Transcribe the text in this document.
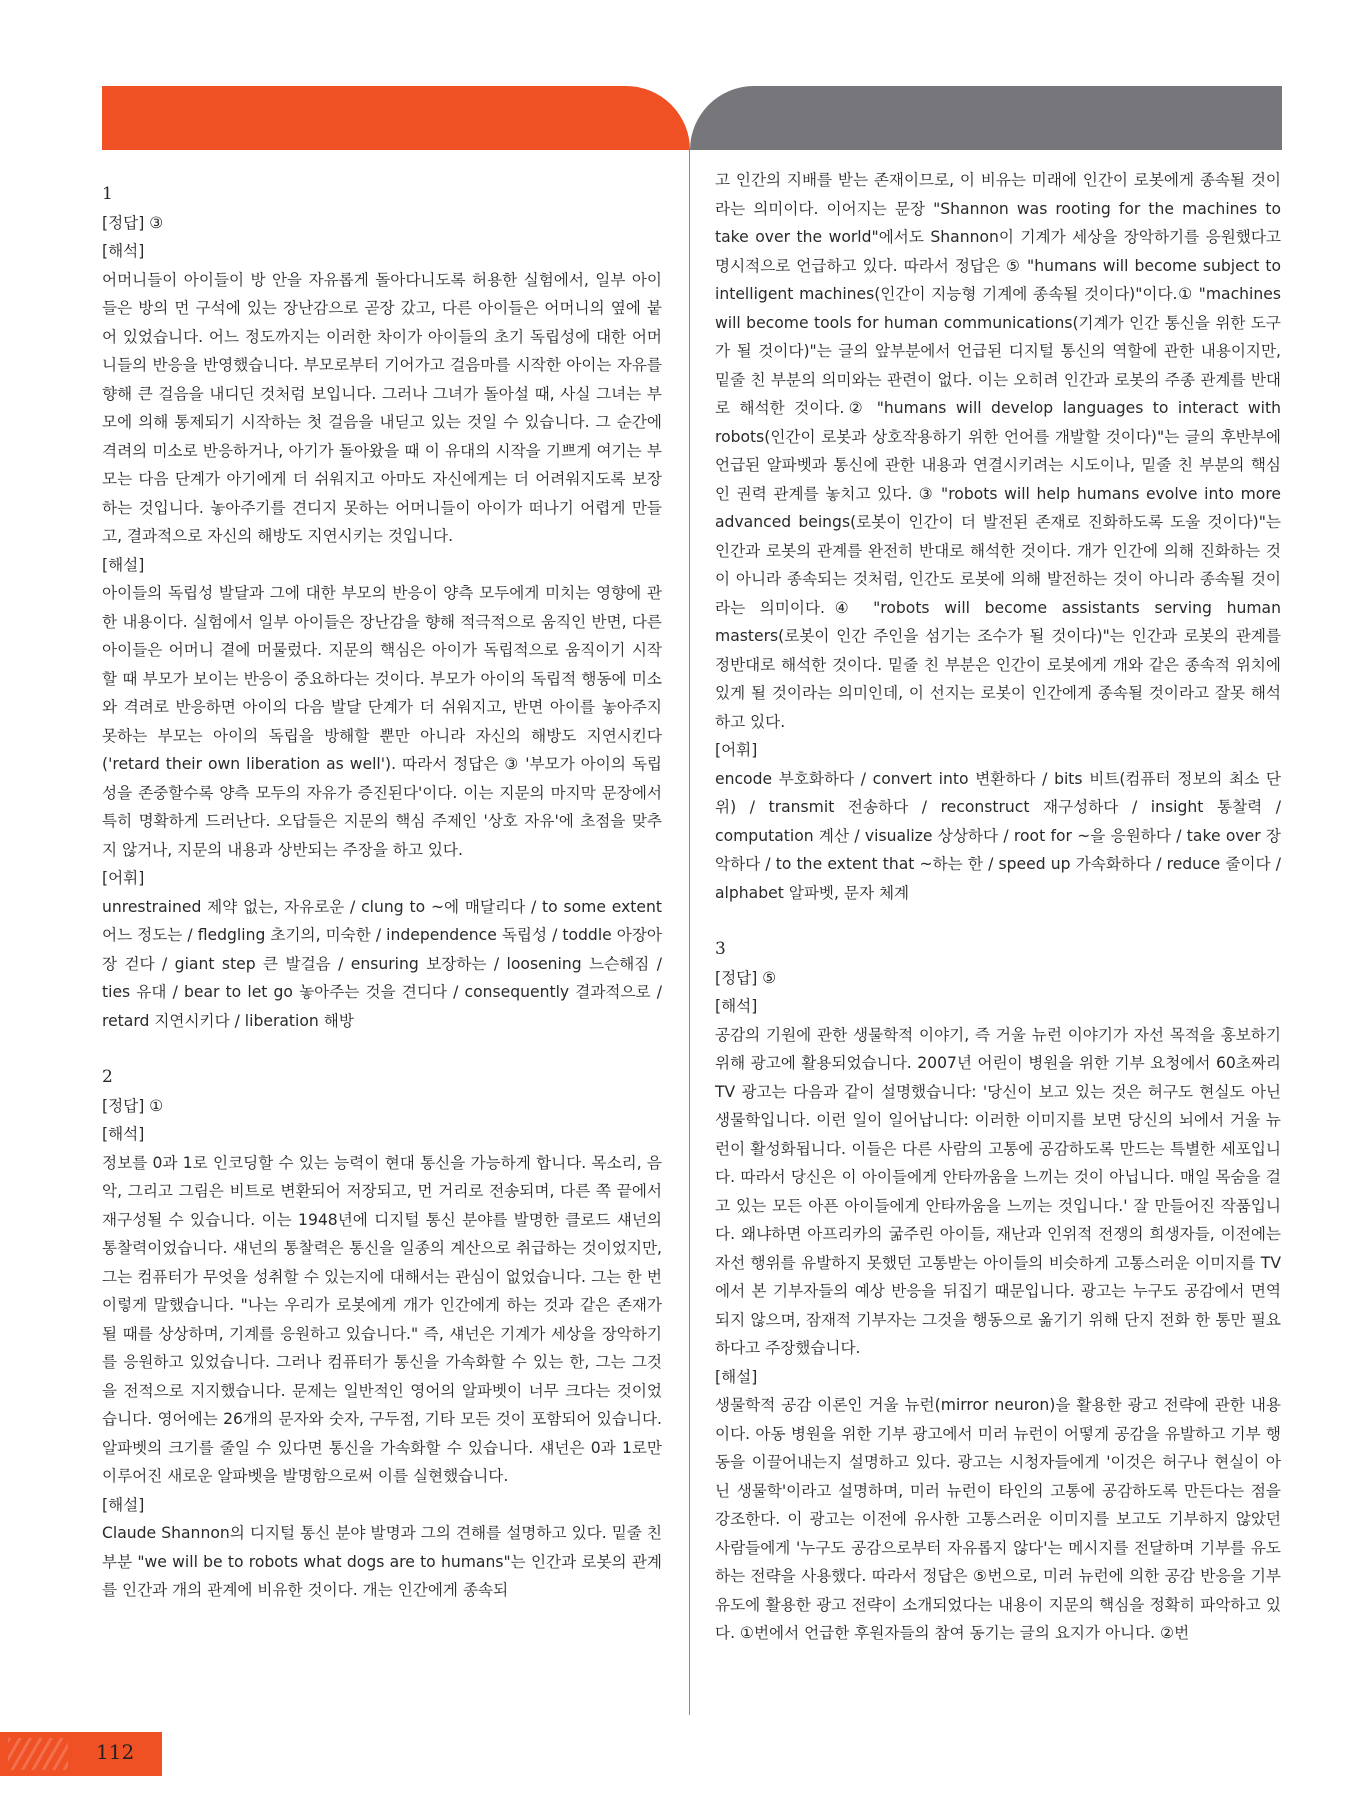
1

[정답] ③

[해석]

어머니들이 아이들이 방 안을 자유롭게 돌아다니도록 허용한 실험에서, 일부 아이들은 방의 먼 구석에 있는 장난감으로 곧장 갔고, 다른 아이들은 어머니의 옆에 붙어 있었습니다. 어느 정도까지는 이러한 차이가 아이들의 초기 독립성에 대한 어머니들의 반응을 반영했습니다. 부모로부터 기어가고 걸음마를 시작한 아이는 자유를 향해 큰 걸음을 내디딘 것처럼 보입니다. 그러나 그녀가 돌아설 때, 사실 그녀는 부모에 의해 통제되기 시작하는 첫 걸음을 내딛고 있는 것일 수 있습니다. 그 순간에 격려의 미소로 반응하거나, 아기가 돌아왔을 때 이 유대의 시작을 기쁘게 여기는 부모는 다음 단계가 아기에게 더 쉬워지고 아마도 자신에게는 더 어려워지도록 보장하는 것입니다. 놓아주기를 견디지 못하는 어머니들이 아이가 떠나기 어렵게 만들고, 결과적으로 자신의 해방도 지연시키는 것입니다.

[해설]

아이들의 독립성 발달과 그에 대한 부모의 반응이 양측 모두에게 미치는 영향에 관한 내용이다. 실험에서 일부 아이들은 장난감을 향해 적극적으로 움직인 반면, 다른 아이들은 어머니 곁에 머물렀다. 지문의 핵심은 아이가 독립적으로 움직이기 시작할 때 부모가 보이는 반응이 중요하다는 것이다. 부모가 아이의 독립적 행동에 미소와 격려로 반응하면 아이의 다음 발달 단계가 더 쉬워지고, 반면 아이를 놓아주지 못하는 부모는 아이의 독립을 방해할 뿐만 아니라 자신의 해방도 지연시킨다('retard their own liberation as well'). 따라서 정답은 ③ '부모가 아이의 독립성을 존중할수록 양측 모두의 자유가 증진된다'이다. 이는 지문의 마지막 문장에서 특히 명확하게 드러난다. 오답들은 지문의 핵심 주제인 '상호 자유'에 초점을 맞추지 않거나, 지문의 내용과 상반되는 주장을 하고 있다.

[어휘]

unrestrained 제약 없는, 자유로운 / clung to ~에 매달리다 / to some extent 어느 정도는 / fledgling 초기의, 미숙한 / independence 독립성 / toddle 아장아장 걷다 / giant step 큰 발걸음 / ensuring 보장하는 / loosening 느슨해짐 / ties 유대 / bear to let go 놓아주는 것을 견디다 / consequently 결과적으로 / retard 지연시키다 / liberation 해방

2

[정답] ①

[해석]

정보를 0과 1로 인코딩할 수 있는 능력이 현대 통신을 가능하게 합니다. 목소리, 음악, 그리고 그림은 비트로 변환되어 저장되고, 먼 거리로 전송되며, 다른 쪽 끝에서 재구성될 수 있습니다. 이는 1948년에 디지털 통신 분야를 발명한 클로드 섀넌의 통찰력이었습니다. 섀넌의 통찰력은 통신을 일종의 계산으로 취급하는 것이었지만, 그는 컴퓨터가 무엇을 성취할 수 있는지에 대해서는 관심이 없었습니다. 그는 한 번 이렇게 말했습니다. "나는 우리가 로봇에게 개가 인간에게 하는 것과 같은 존재가 될 때를 상상하며, 기계를 응원하고 있습니다." 즉, 섀넌은 기계가 세상을 장악하기를 응원하고 있었습니다. 그러나 컴퓨터가 통신을 가속화할 수 있는 한, 그는 그것을 전적으로 지지했습니다. 문제는 일반적인 영어의 알파벳이 너무 크다는 것이었습니다. 영어에는 26개의 문자와 숫자, 구두점, 기타 모든 것이 포함되어 있습니다. 알파벳의 크기를 줄일 수 있다면 통신을 가속화할 수 있습니다. 섀넌은 0과 1로만 이루어진 새로운 알파벳을 발명함으로써 이를 실현했습니다.

[해설]

Claude Shannon의 디지털 통신 분야 발명과 그의 견해를 설명하고 있다. 밑줄 친 부분 "we will be to robots what dogs are to humans"는 인간과 로봇의 관계를 인간과 개의 관계에 비유한 것이다. 개는 인간에게 종속되

고 인간의 지배를 받는 존재이므로, 이 비유는 미래에 인간이 로봇에게 종속될 것이라는 의미이다. 이어지는 문장 "Shannon was rooting for the machines to take over the world"에서도 Shannon이 기계가 세상을 장악하기를 응원했다고 명시적으로 언급하고 있다. 따라서 정답은 ⑤ "humans will become subject to intelligent machines(인간이 지능형 기계에 종속될 것이다)"이다.① "machines will become tools for human communications(기계가 인간 통신을 위한 도구가 될 것이다)"는 글의 앞부분에서 언급된 디지털 통신의 역할에 관한 내용이지만, 밑줄 친 부분의 의미와는 관련이 없다. 이는 오히려 인간과 로봇의 주종 관계를 반대로 해석한 것이다.② "humans will develop languages to interact with robots(인간이 로봇과 상호작용하기 위한 언어를 개발할 것이다)"는 글의 후반부에 언급된 알파벳과 통신에 관한 내용과 연결시키려는 시도이나, 밑줄 친 부분의 핵심인 권력 관계를 놓치고 있다. ③ "robots will help humans evolve into more advanced beings(로봇이 인간이 더 발전된 존재로 진화하도록 도울 것이다)"는 인간과 로봇의 관계를 완전히 반대로 해석한 것이다. 개가 인간에 의해 진화하는 것이 아니라 종속되는 것처럼, 인간도 로봇에 의해 발전하는 것이 아니라 종속될 것이라는 의미이다.④ "robots will become assistants serving human masters(로봇이 인간 주인을 섬기는 조수가 될 것이다)"는 인간과 로봇의 관계를 정반대로 해석한 것이다. 밑줄 친 부분은 인간이 로봇에게 개와 같은 종속적 위치에 있게 될 것이라는 의미인데, 이 선지는 로봇이 인간에게 종속될 것이라고 잘못 해석하고 있다.

[어휘]

encode 부호화하다 / convert into 변환하다 / bits 비트(컴퓨터 정보의 최소 단위) / transmit 전송하다 / reconstruct 재구성하다 / insight 통찰력 / computation 계산 / visualize 상상하다 / root for ~을 응원하다 / take over 장악하다 / to the extent that ~하는 한 / speed up 가속화하다 / reduce 줄이다 / alphabet 알파벳, 문자 체계

3

[정답] ⑤

[해석]

공감의 기원에 관한 생물학적 이야기, 즉 거울 뉴런 이야기가 자선 목적을 홍보하기 위해 광고에 활용되었습니다. 2007년 어린이 병원을 위한 기부 요청에서 60초짜리 TV 광고는 다음과 같이 설명했습니다: '당신이 보고 있는 것은 허구도 현실도 아닌 생물학입니다. 이런 일이 일어납니다: 이러한 이미지를 보면 당신의 뇌에서 거울 뉴런이 활성화됩니다. 이들은 다른 사람의 고통에 공감하도록 만드는 특별한 세포입니다. 따라서 당신은 이 아이들에게 안타까움을 느끼는 것이 아닙니다. 매일 목숨을 걸고 있는 모든 아픈 아이들에게 안타까움을 느끼는 것입니다.' 잘 만들어진 작품입니다. 왜냐하면 아프리카의 굶주린 아이들, 재난과 인위적 전쟁의 희생자들, 이전에는 자선 행위를 유발하지 못했던 고통받는 아이들의 비슷하게 고통스러운 이미지를 TV에서 본 기부자들의 예상 반응을 뒤집기 때문입니다. 광고는 누구도 공감에서 면역되지 않으며, 잠재적 기부자는 그것을 행동으로 옮기기 위해 단지 전화 한 통만 필요하다고 주장했습니다.

[해설]

생물학적 공감 이론인 거울 뉴런(mirror neuron)을 활용한 광고 전략에 관한 내용이다. 아동 병원을 위한 기부 광고에서 미러 뉴런이 어떻게 공감을 유발하고 기부 행동을 이끌어내는지 설명하고 있다. 광고는 시청자들에게 '이것은 허구나 현실이 아닌 생물학'이라고 설명하며, 미러 뉴런이 타인의 고통에 공감하도록 만든다는 점을 강조한다. 이 광고는 이전에 유사한 고통스러운 이미지를 보고도 기부하지 않았던 사람들에게 '누구도 공감으로부터 자유롭지 않다'는 메시지를 전달하며 기부를 유도하는 전략을 사용했다. 따라서 정답은 ⑤번으로, 미러 뉴런에 의한 공감 반응을 기부 유도에 활용한 광고 전략이 소개되었다는 내용이 지문의 핵심을 정확히 파악하고 있다. ①번에서 언급한 후원자들의 참여 동기는 글의 요지가 아니다. ②번

112
